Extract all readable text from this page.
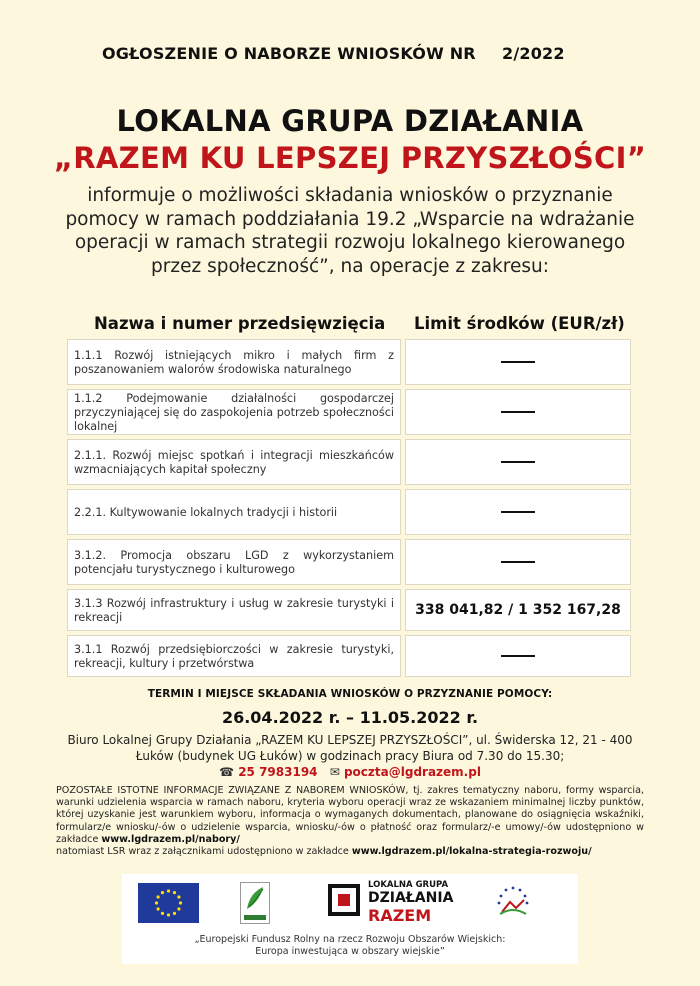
OGŁOSZENIE O NABORZE WNIOSKÓW NR 2/2022
LOKALNA GRUPA DZIAŁANIA
„RAZEM KU LEPSZEJ PRZYSZŁOŚCI”
informuje o możliwości składania wniosków o przyznanie
pomocy w ramach poddziałania 19.2 „Wsparcie na wdrażanie
operacji w ramach strategii rozwoju lokalnego kierowanego
przez społeczność”, na operacje z zakresu:
Nazwa i numer przedsięwzięcia Limit środków (EUR/zł)
1.1.1 Rozwój istniejących mikro i małych firm z poszanowaniem walorów środowiska naturalnego
1.1.2 Podejmowanie działalności gospodarczej przyczyniającej się do zaspokojenia potrzeb społeczności lokalnej
2.1.1. Rozwój miejsc spotkań i integracji mieszkańców wzmacniających kapitał społeczny
2.2.1. Kultywowanie lokalnych tradycji i historii
3.1.2. Promocja obszaru LGD z wykorzystaniem potencjału turystycznego i kulturowego
3.1.3 Rozwój infrastruktury i usług w zakresie turystyki i rekreacji	338 041,82 / 1 352 167,28
3.1.1 Rozwój przedsiębiorczości w zakresie turystyki, rekreacji, kultury i przetwórstwa
TERMIN I MIEJSCE SKŁADANIA WNIOSKÓW O PRZYZNANIE POMOCY:
26.04.2022 r. – 11.05.2022 r.
Biuro Lokalnej Grupy Działania „RAZEM KU LEPSZEJ PRZYSZŁOŚCI”, ul. Świderska 12, 21 - 400
Łuków (budynek UG Łuków) w godzinach pracy Biura od 7.30 do 15.30;
☎ 25 7983194 ✉ poczta@lgdrazem.pl
POZOSTAŁE ISTOTNE INFORMACJE ZWIĄZANE Z NABOREM WNIOSKÓW, tj. zakres tematyczny naboru, formy wsparcia, warunki udzielenia wsparcia w ramach naboru, kryteria wyboru operacji wraz ze wskazaniem minimalnej liczby punktów, której uzyskanie jest warunkiem wyboru, informacja o wymaganych dokumentach, planowane do osiągnięcia wskaźniki, formularz/e wniosku/-ów o udzielenie wsparcia, wniosku/-ów o płatność oraz formularz/-e umowy/-ów udostępniono w zakładce www.lgdrazem.pl/nabory/
natomiast LSR wraz z załącznikami udostępniono w zakładce www.lgdrazem.pl/lokalna-strategia-rozwoju/
LOKALNA GRUPA
DZIAŁANIA
RAZEM
„Europejski Fundusz Rolny na rzecz Rozwoju Obszarów Wiejskich:
Europa inwestująca w obszary wiejskie”
